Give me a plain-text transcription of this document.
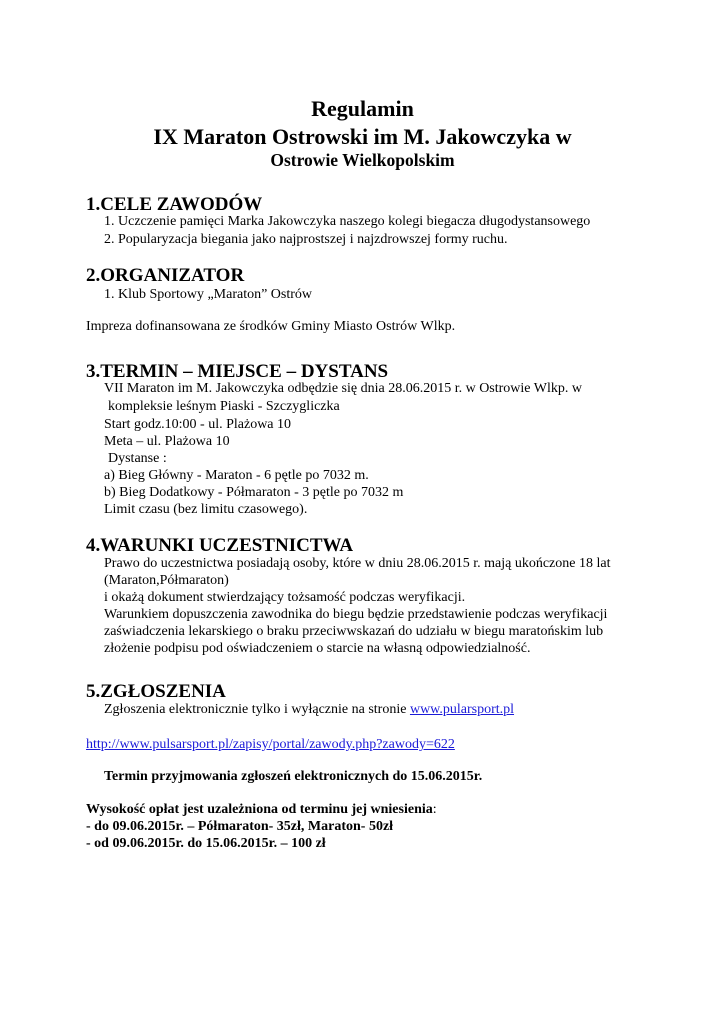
Regulamin
IX Maraton Ostrowski im M. Jakowczyka w
Ostrowie Wielkopolskim
1.CELE ZAWODÓW
1. Uczczenie pamięci Marka Jakowczyka naszego kolegi biegacza długodystansowego
2. Popularyzacja biegania jako najprostszej i najzdrowszej formy ruchu.
2.ORGANIZATOR
1. Klub Sportowy „Maraton” Ostrów
Impreza dofinansowana ze środków Gminy Miasto Ostrów Wlkp.
3.TERMIN – MIEJSCE – DYSTANS
VII Maraton im M. Jakowczyka odbędzie się dnia 28.06.2015 r. w Ostrowie Wlkp. w
kompleksie leśnym Piaski - Szczygliczka
Start godz.10:00 - ul. Plażowa 10
Meta – ul. Plażowa 10
Dystanse :
a) Bieg Główny - Maraton - 6 pętle po 7032 m.
b) Bieg Dodatkowy - Półmaraton - 3 pętle po 7032 m
Limit czasu (bez limitu czasowego).
4.WARUNKI UCZESTNICTWA
Prawo do uczestnictwa posiadają osoby, które w dniu 28.06.2015 r. mają ukończone 18 lat
(Maraton,Półmaraton)
i okażą dokument stwierdzający tożsamość podczas weryfikacji.
Warunkiem dopuszczenia zawodnika do biegu będzie przedstawienie podczas weryfikacji
zaświadczenia lekarskiego o braku przeciwwskazań do udziału w biegu maratońskim lub
złożenie podpisu pod oświadczeniem o starcie na własną odpowiedzialność.
5.ZGŁOSZENIA
Zgłoszenia elektronicznie tylko i wyłącznie na stronie www.pularsport.pl
http://www.pulsarsport.pl/zapisy/portal/zawody.php?zawody=622
Termin przyjmowania zgłoszeń elektronicznych do 15.06.2015r.
Wysokość opłat jest uzależniona od terminu jej wniesienia:
- do 09.06.2015r. – Półmaraton- 35zł, Maraton- 50zł
- od 09.06.2015r. do 15.06.2015r. – 100 zł
